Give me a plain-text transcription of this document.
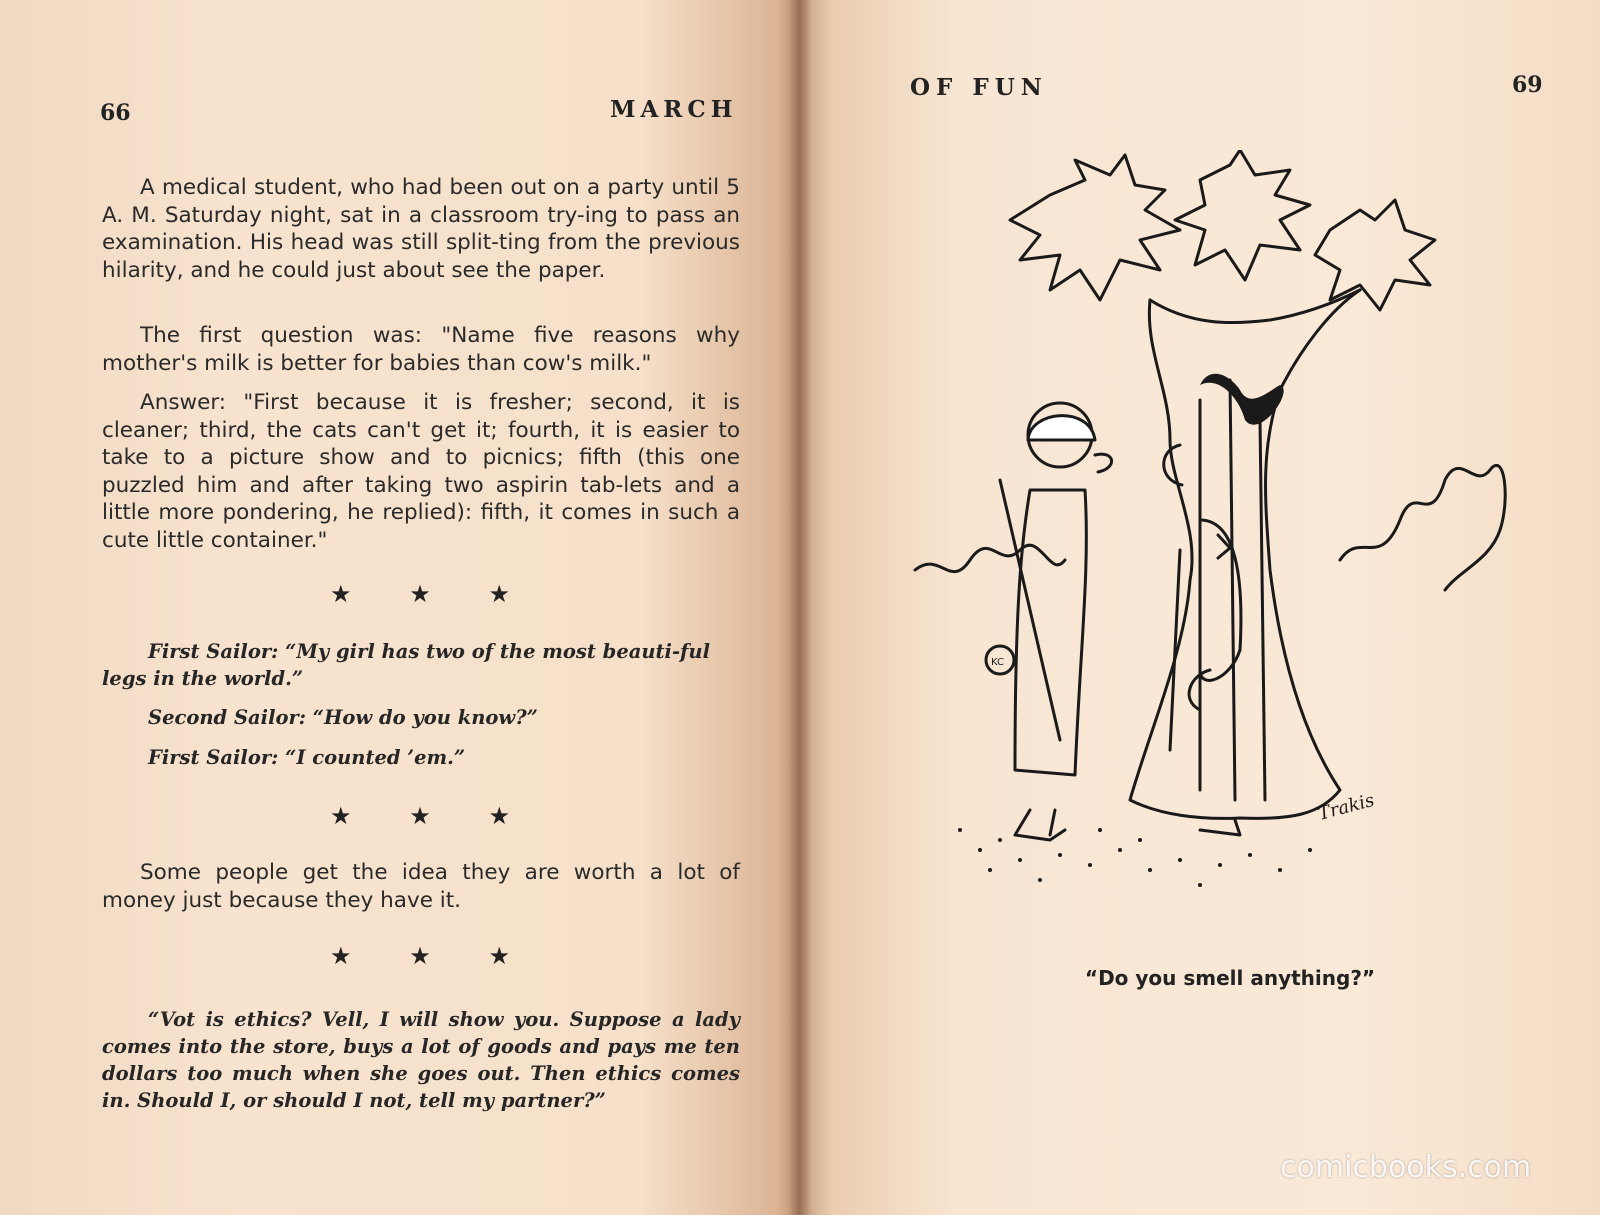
66	MARCH

A medical student, who had been out on a party until 5 A. M. Saturday night, sat in a classroom try-ing to pass an examination. His head was still split-ting from the previous hilarity, and he could just about see the paper.

The first question was: "Name five reasons why mother's milk is better for babies than cow's milk."

Answer: "First because it is fresher; second, it is cleaner; third, the cats can't get it; fourth, it is easier to take to a picture show and to picnics; fifth (this one puzzled him and after taking two aspirin tab-lets and a little more pondering, he replied): fifth, it comes in such a cute little container."

★ ★ ★

First Sailor: “My girl has two of the most beauti-ful legs in the world.”

Second Sailor: “How do you know?”

First Sailor: “I counted ’em.”

★ ★ ★

Some people get the idea they are worth a lot of money just because they have it.

★ ★ ★

“Vot is ethics? Vell, I will show you. Suppose a lady comes into the store, buys a lot of goods and pays me ten dollars too much when she goes out. Then ethics comes in. Should I, or should I not, tell my partner?”

OF FUN	69
KC
Trakis
“Do you smell anything?”
comicbooks.com
